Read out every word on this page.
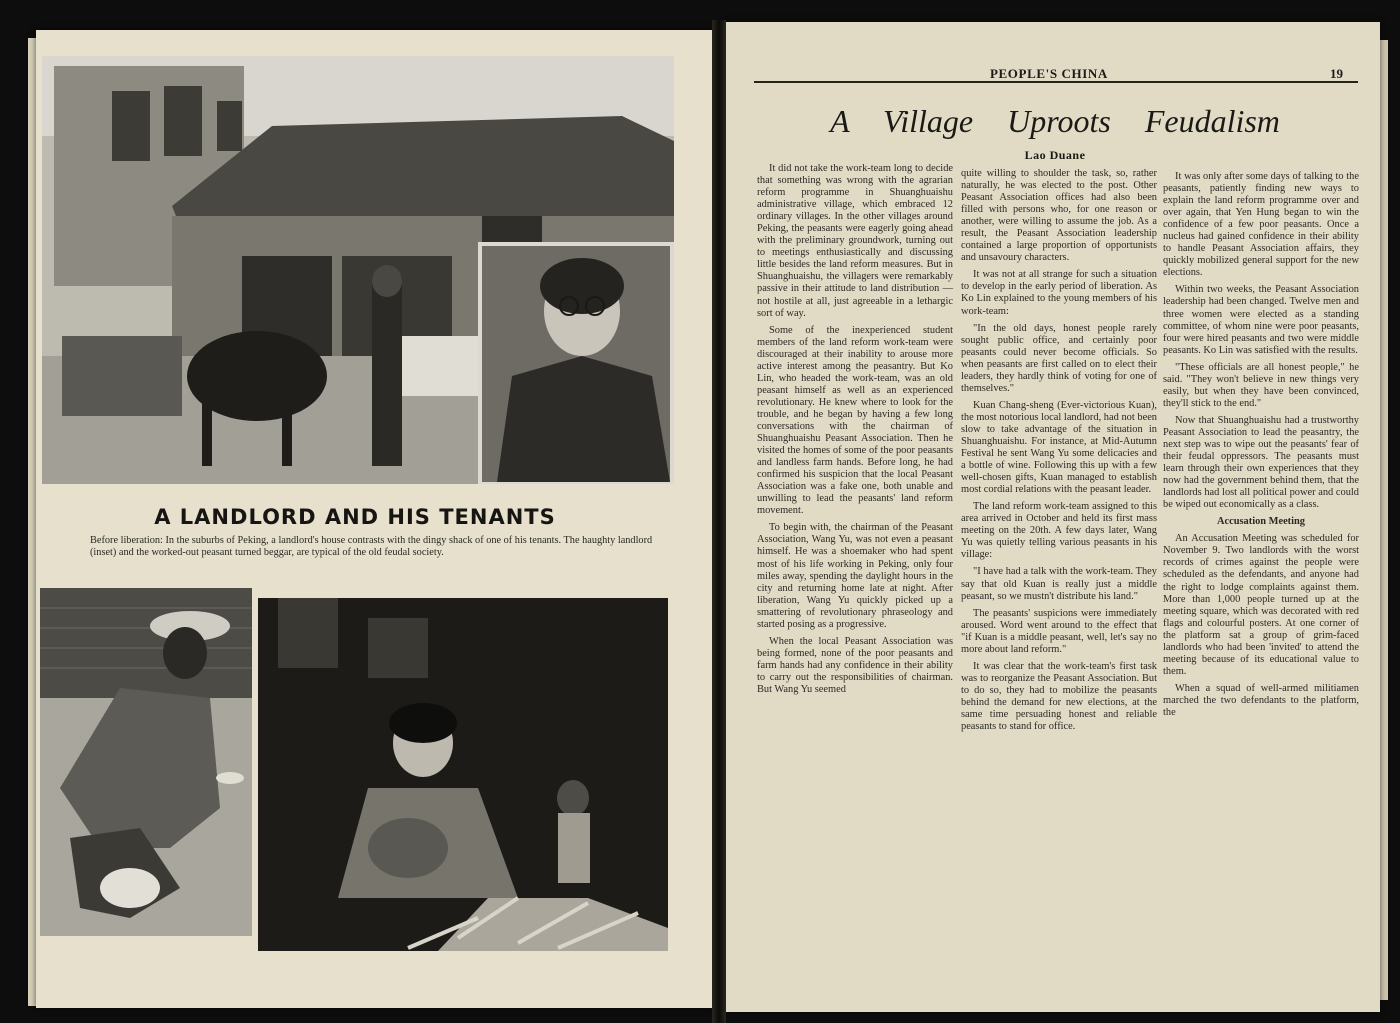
A LANDLORD AND HIS TENANTS
Before liberation: In the suburbs of Peking, a landlord's house contrasts with the dingy shack of one of his tenants. The haughty landlord (inset) and the worked-out peasant turned beggar, are typical of the old feudal society.
PEOPLE'S CHINA	19
A Village Uproots Feudalism
Lao Duane

It did not take the work-team long to decide that something was wrong with the agrarian reform programme in Shuanghuaishu administrative village, which embraced 12 ordinary villages. In the other villages around Peking, the peasants were eagerly going ahead with the preliminary groundwork, turning out to meetings enthusiastically and discussing little besides the land reform measures. But in Shuanghuaishu, the villagers were remarkably passive in their attitude to land distribution — not hostile at all, just agreeable in a lethargic sort of way.

Some of the inexperienced student members of the land reform work-team were discouraged at their inability to arouse more active interest among the peasantry. But Ko Lin, who headed the work-team, was an old peasant himself as well as an experienced revolutionary. He knew where to look for the trouble, and he began by having a few long conversations with the chairman of Shuanghuaishu Peasant Association. Then he visited the homes of some of the poor peasants and landless farm hands. Before long, he had confirmed his suspicion that the local Peasant Association was a fake one, both unable and unwilling to lead the peasants' land reform movement.

To begin with, the chairman of the Peasant Association, Wang Yu, was not even a peasant himself. He was a shoemaker who had spent most of his life working in Peking, only four miles away, spending the daylight hours in the city and returning home late at night. After liberation, Wang Yu quickly picked up a smattering of revolutionary phraseology and started posing as a progressive.

When the local Peasant Association was being formed, none of the poor peasants and farm hands had any confidence in their ability to carry out the responsibilities of chairman. But Wang Yu seemed

quite willing to shoulder the task, so, rather naturally, he was elected to the post. Other Peasant Association offices had also been filled with persons who, for one reason or another, were willing to assume the job. As a result, the Peasant Association leadership contained a large proportion of opportunists and unsavoury characters.

It was not at all strange for such a situation to develop in the early period of liberation. As Ko Lin explained to the young members of his work-team:

"In the old days, honest people rarely sought public office, and certainly poor peasants could never become officials. So when peasants are first called on to elect their leaders, they hardly think of voting for one of themselves."

Kuan Chang-sheng (Ever-victorious Kuan), the most notorious local landlord, had not been slow to take advantage of the situation in Shuanghuaishu. For instance, at Mid-Autumn Festival he sent Wang Yu some delicacies and a bottle of wine. Following this up with a few well-chosen gifts, Kuan managed to establish most cordial relations with the peasant leader.

The land reform work-team assigned to this area arrived in October and held its first mass meeting on the 20th. A few days later, Wang Yu was quietly telling various peasants in his village:

"I have had a talk with the work-team. They say that old Kuan is really just a middle peasant, so we mustn't distribute his land."

The peasants' suspicions were immediately aroused. Word went around to the effect that "if Kuan is a middle peasant, well, let's say no more about land reform."

It was clear that the work-team's first task was to reorganize the Peasant Association. But to do so, they had to mobilize the peasants behind the demand for new elections, at the same time persuading honest and reliable peasants to stand for office.

It was only after some days of talking to the peasants, patiently finding new ways to explain the land reform programme over and over again, that Yen Hung began to win the confidence of a few poor peasants. Once a nucleus had gained confidence in their ability to handle Peasant Association affairs, they quickly mobilized general support for the new elections.

Within two weeks, the Peasant Association leadership had been changed. Twelve men and three women were elected as a standing committee, of whom nine were poor peasants, four were hired peasants and two were middle peasants. Ko Lin was satisfied with the results.

"These officials are all honest people," he said. "They won't believe in new things very easily, but when they have been convinced, they'll stick to the end."

Now that Shuanghuaishu had a trustworthy Peasant Association to lead the peasantry, the next step was to wipe out the peasants' fear of their feudal oppressors. The peasants must learn through their own experiences that they now had the government behind them, that the landlords had lost all political power and could be wiped out economically as a class.

Accusation Meeting

An Accusation Meeting was scheduled for November 9. Two landlords with the worst records of crimes against the people were scheduled as the defendants, and anyone had the right to lodge complaints against them. More than 1,000 people turned up at the meeting square, which was decorated with red flags and colourful posters. At one corner of the platform sat a group of grim-faced landlords who had been 'invited' to attend the meeting because of its educational value to them.

When a squad of well-armed militiamen marched the two defendants to the platform, the
